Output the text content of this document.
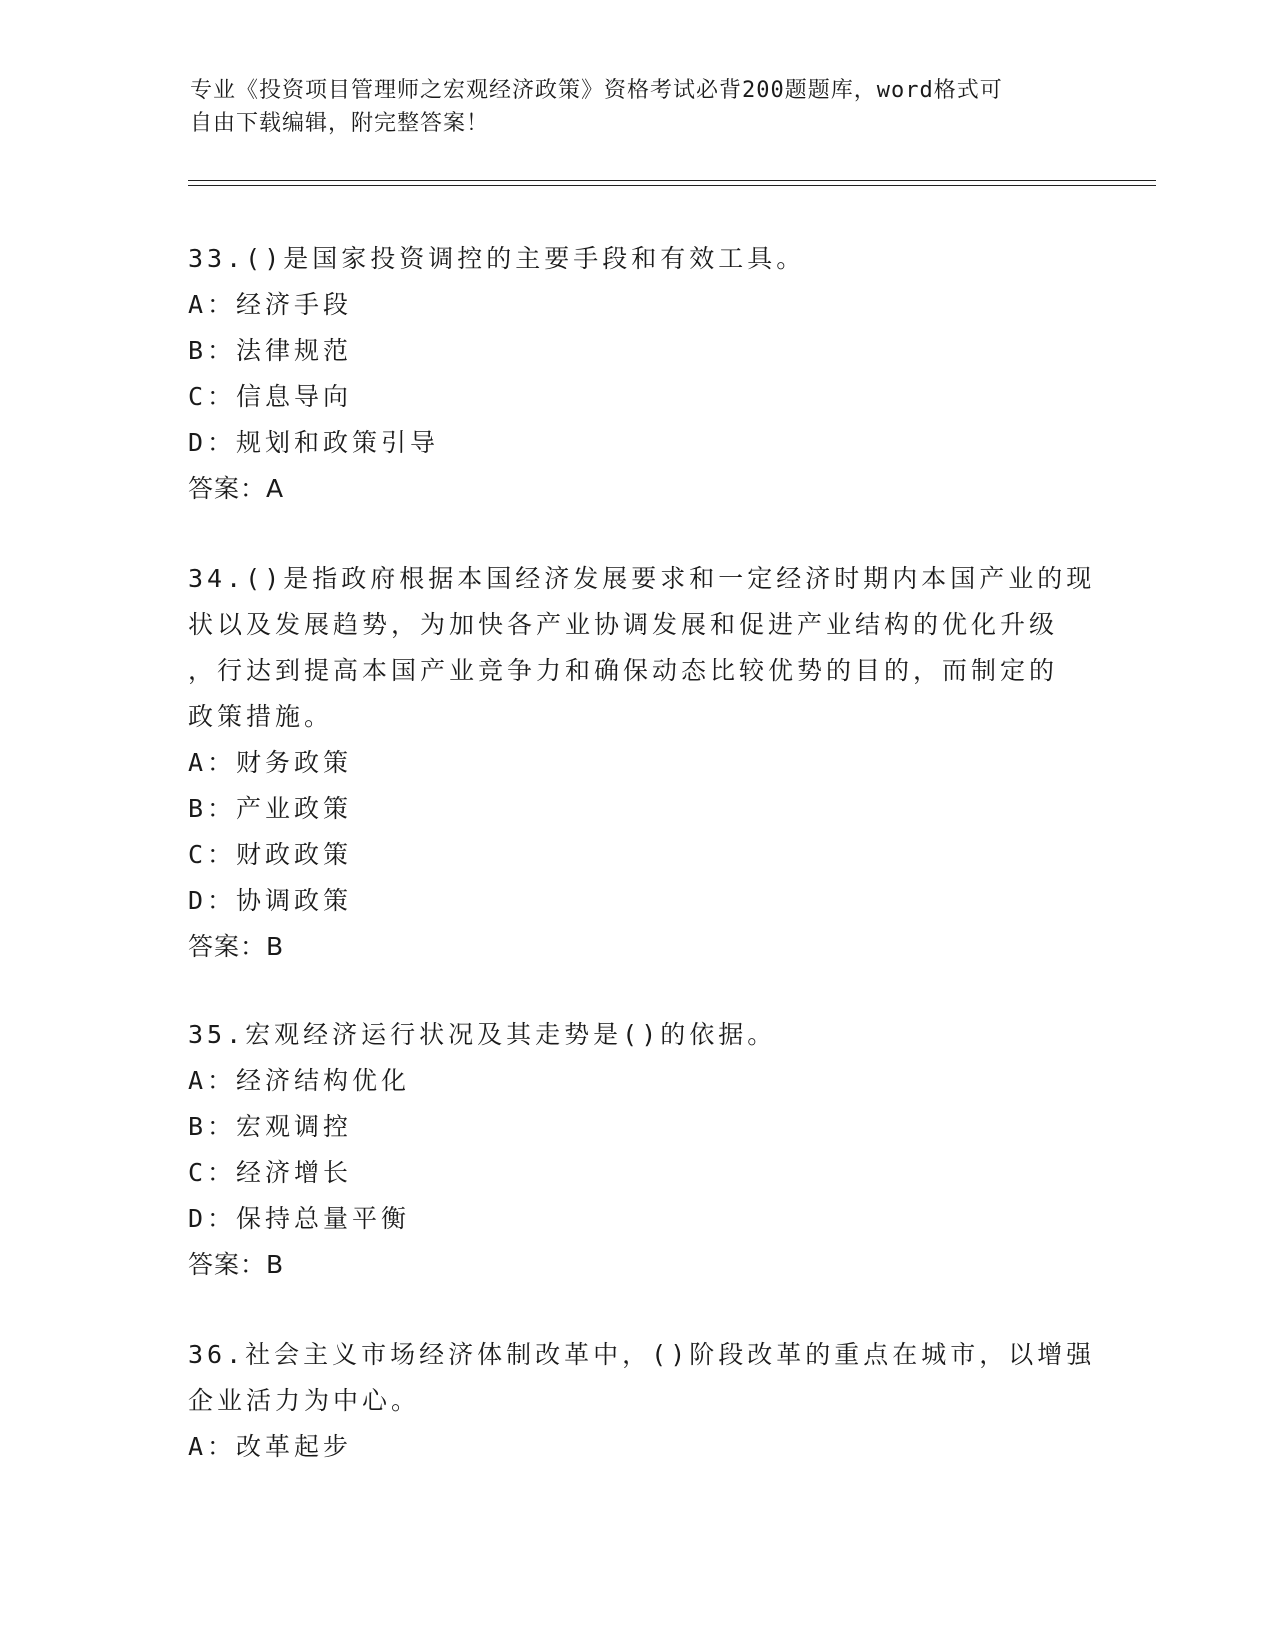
专业《投资项目管理师之宏观经济政策》资格考试必背200题题库，word格式可
自由下载编辑，附完整答案！
33.()是国家投资调控的主要手段和有效工具。
A：经济手段
B：法律规范
C：信息导向
D：规划和政策引导
答案：A
34.()是指政府根据本国经济发展要求和一定经济时期内本国产业的现
状以及发展趋势，为加快各产业协调发展和促进产业结构的优化升级
，行达到提高本国产业竞争力和确保动态比较优势的目的，而制定的
政策措施。
A：财务政策
B：产业政策
C：财政政策
D：协调政策
答案：B
35.宏观经济运行状况及其走势是()的依据。
A：经济结构优化
B：宏观调控
C：经济增长
D：保持总量平衡
答案：B
36.社会主义市场经济体制改革中，()阶段改革的重点在城市，以增强
企业活力为中心。
A：改革起步
